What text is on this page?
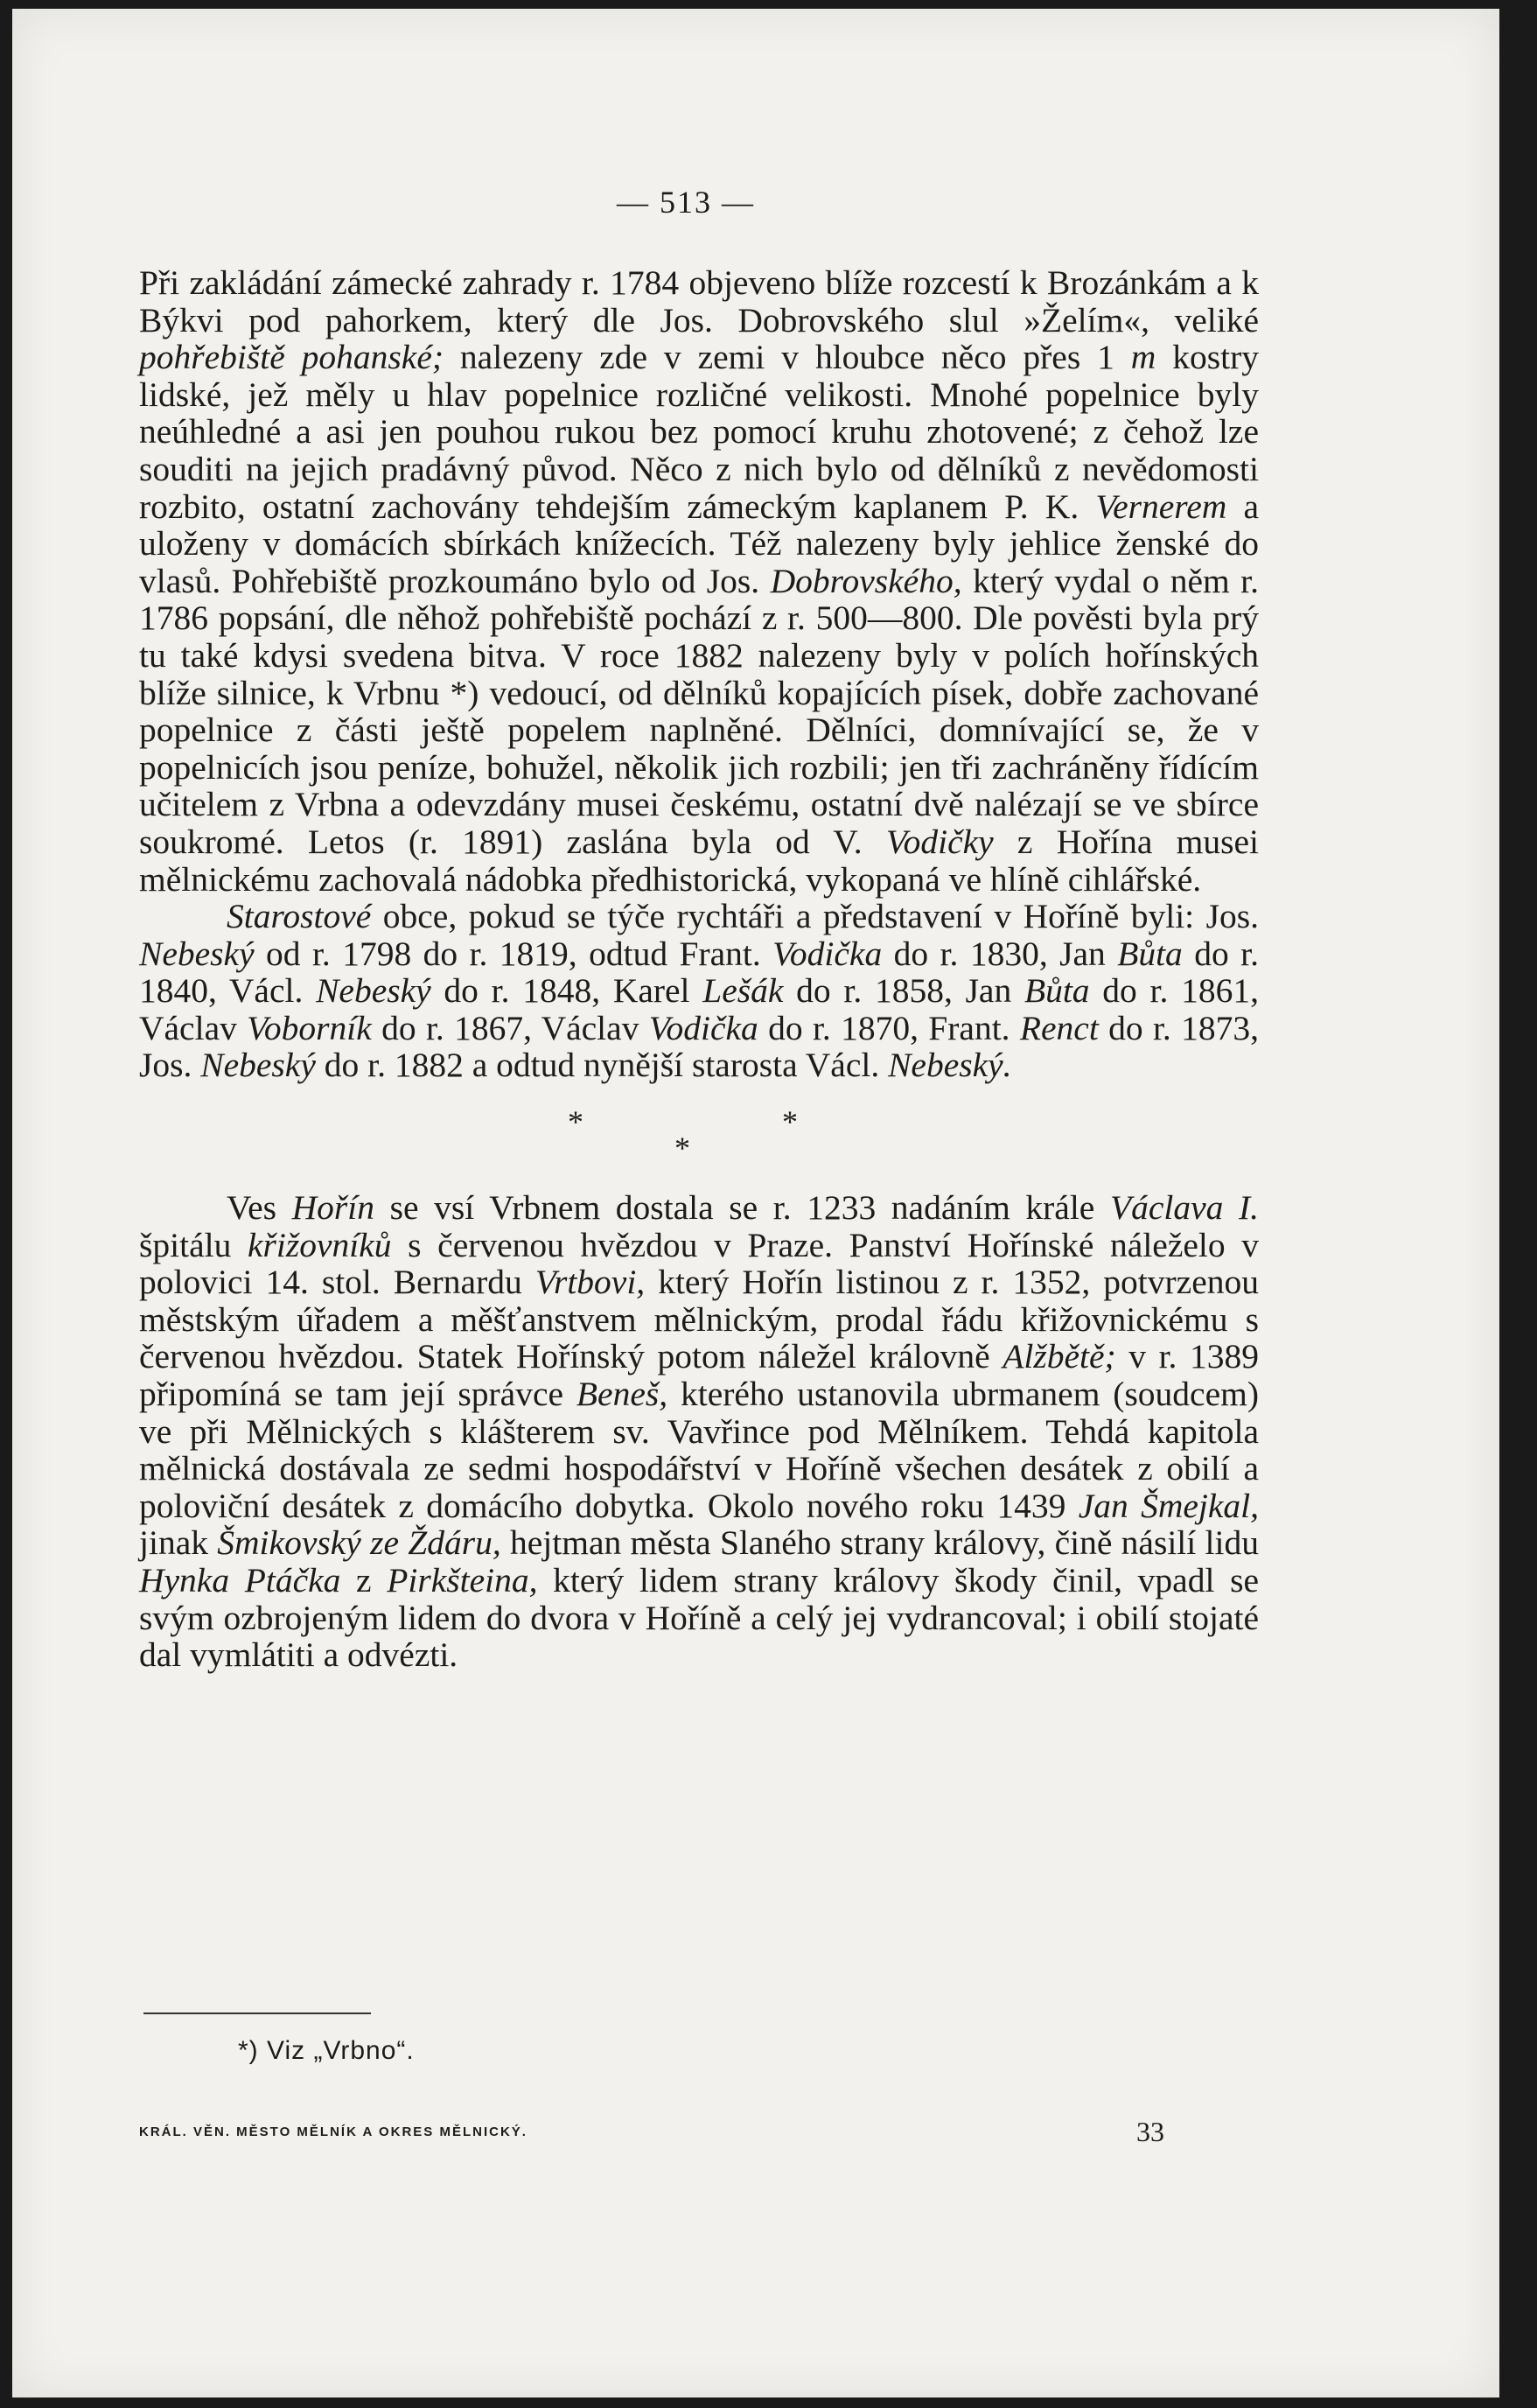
— 513 —

Při zakládání zámecké zahrady r. 1784 objeveno blíže rozcestí k Brozánkám a k Býkvi pod pahorkem, který dle Jos. Dobrovského slul »Želím«, veliké pohřebiště pohanské; nalezeny zde v zemi v hloubce něco přes 1 m kostry lidské, jež měly u hlav popelnice rozličné velikosti. Mnohé popelnice byly neúhledné a asi jen pouhou rukou bez pomocí kruhu zhotovené; z čehož lze souditi na jejich pradávný původ. Něco z nich bylo od dělníků z nevědomosti rozbito, ostatní zachovány tehdejším zámeckým kaplanem P. K. Vernerem a uloženy v domácích sbírkách knížecích. Též nalezeny byly jehlice ženské do vlasů. Pohřebiště prozkoumáno bylo od Jos. Dobrovského, který vydal o něm r. 1786 popsání, dle něhož pohřebiště pochází z r. 500—800. Dle pověsti byla prý tu také kdysi svedena bitva. V roce 1882 nalezeny byly v polích hořínských blíže silnice, k Vrbnu *) vedoucí, od dělníků kopajících písek, dobře zachované popelnice z části ještě popelem naplněné. Dělníci, domnívající se, že v popelnicích jsou peníze, bohužel, několik jich rozbili; jen tři zachráněny řídícím učitelem z Vrbna a odevzdány musei českému, ostatní dvě nalézají se ve sbírce soukromé. Letos (r. 1891) zaslána byla od V. Vodičky z Hořína musei mělnickému zachovalá nádobka předhistorická, vykopaná ve hlíně cihlářské.

Starostové obce, pokud se týče rychtáři a představení v Hoříně byli: Jos. Nebeský od r. 1798 do r. 1819, odtud Frant. Vodička do r. 1830, Jan Bůta do r. 1840, Václ. Nebeský do r. 1848, Karel Lešák do r. 1858, Jan Bůta do r. 1861, Václav Voborník do r. 1867, Václav Vodička do r. 1870, Frant. Renct do r. 1873, Jos. Nebeský do r. 1882 a odtud nynější starosta Václ. Nebeský.

*	*
*

Ves Hořín se vsí Vrbnem dostala se r. 1233 nadáním krále Václava I. špitálu křižovníků s červenou hvězdou v Praze. Panství Hořínské náleželo v polovici 14. stol. Bernardu Vrtbovi, který Hořín listinou z r. 1352, potvrzenou městským úřadem a měšťanstvem mělnickým, prodal řádu křižovnickému s červenou hvězdou. Statek Hořínský potom náležel královně Alžbětě; v r. 1389 připomíná se tam její správce Beneš, kterého ustanovila ubrmanem (soudcem) ve při Mělnických s klášterem sv. Vavřince pod Mělníkem. Tehdá kapitola mělnická dostávala ze sedmi hospodářství v Hoříně všechen desátek z obilí a poloviční desátek z domácího dobytka. Okolo nového roku 1439 Jan Šmejkal, jinak Šmikovský ze Ždáru, hejtman města Slaného strany královy, čině násilí lidu Hynka Ptáčka z Pirkšteina, který lidem strany královy škody činil, vpadl se svým ozbrojeným lidem do dvora v Hoříně a celý jej vydrancoval; i obilí stojaté dal vymlátiti a odvézti.

*) Viz „Vrbno“.
KRÁL. VĚN. MĚSTO MĚLNÍK A OKRES MĚLNICKÝ.	33
